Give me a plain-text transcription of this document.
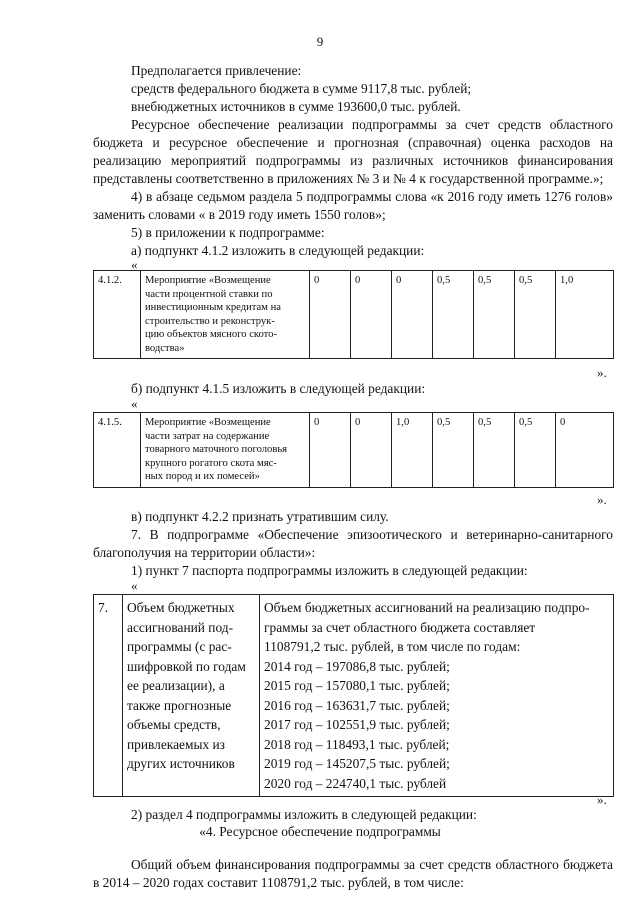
9
Предполагается привлечение:
средств федерального бюджета в сумме 9117,8 тыс. рублей;
внебюджетных источников в сумме 193600,0 тыс. рублей.
Ресурсное обеспечение реализации подпрограммы за счет средств областного бюджета и ресурсное обеспечение и прогнозная (справочная) оценка расходов на реализацию мероприятий подпрограммы из различных источников финансирования представлены соответственно в приложениях № 3 и № 4 к государственной программе.»;
4) в абзаце седьмом раздела 5 подпрограммы слова «к 2016 году иметь 1276 голов» заменить словами « в 2019 году иметь 1550 голов»;
5) в приложении к подпрограмме:
а) подпункт 4.1.2 изложить в следующей редакции:
«
4.1.2.	Мероприятие «Возмещение
части процентной ставки по
инвестиционным кредитам на
строительство и реконструк-
цию объектов мясного ското-
водства»
	0	0	0	0,5	0,5	0,5	1,0
».
б) подпункт 4.1.5 изложить в следующей редакции:
«
4.1.5.	Мероприятие «Возмещение
части затрат на содержание
товарного маточного поголовья
крупного рогатого скота мяс-
ных пород и их помесей»
	0	0	1,0	0,5	0,5	0,5	0
».
в) подпункт 4.2.2 признать утратившим силу.
7. В подпрограмме «Обеспечение эпизоотического и ветеринарно-санитарного благополучия на территории области»:
1) пункт 7 паспорта подпрограммы изложить в следующей редакции:
«
7.	Объем бюджетных
ассигнований под-
программы (с рас-
шифровкой по годам
ее реализации), а
также прогнозные
объемы средств,
привлекаемых из
других источников

Объем бюджетных ассигнований на реализацию подпро-
граммы за счет областного бюджета составляет
1108791,2 тыс. рублей, в том числе по годам:
2014 год – 197086,8 тыс. рублей;
2015 год – 157080,1 тыс. рублей;
2016 год – 163631,7 тыс. рублей;
2017 год – 102551,9 тыс. рублей;
2018 год – 118493,1 тыс. рублей;
2019 год – 145207,5 тыс. рублей;
2020 год – 224740,1 тыс. рублей
».
2) раздел 4 подпрограммы изложить в следующей редакции:
«4. Ресурсное обеспечение подпрограммы
Общий объем финансирования подпрограммы за счет средств областного бюджета в 2014 – 2020 годах составит 1108791,2 тыс. рублей, в том числе:
